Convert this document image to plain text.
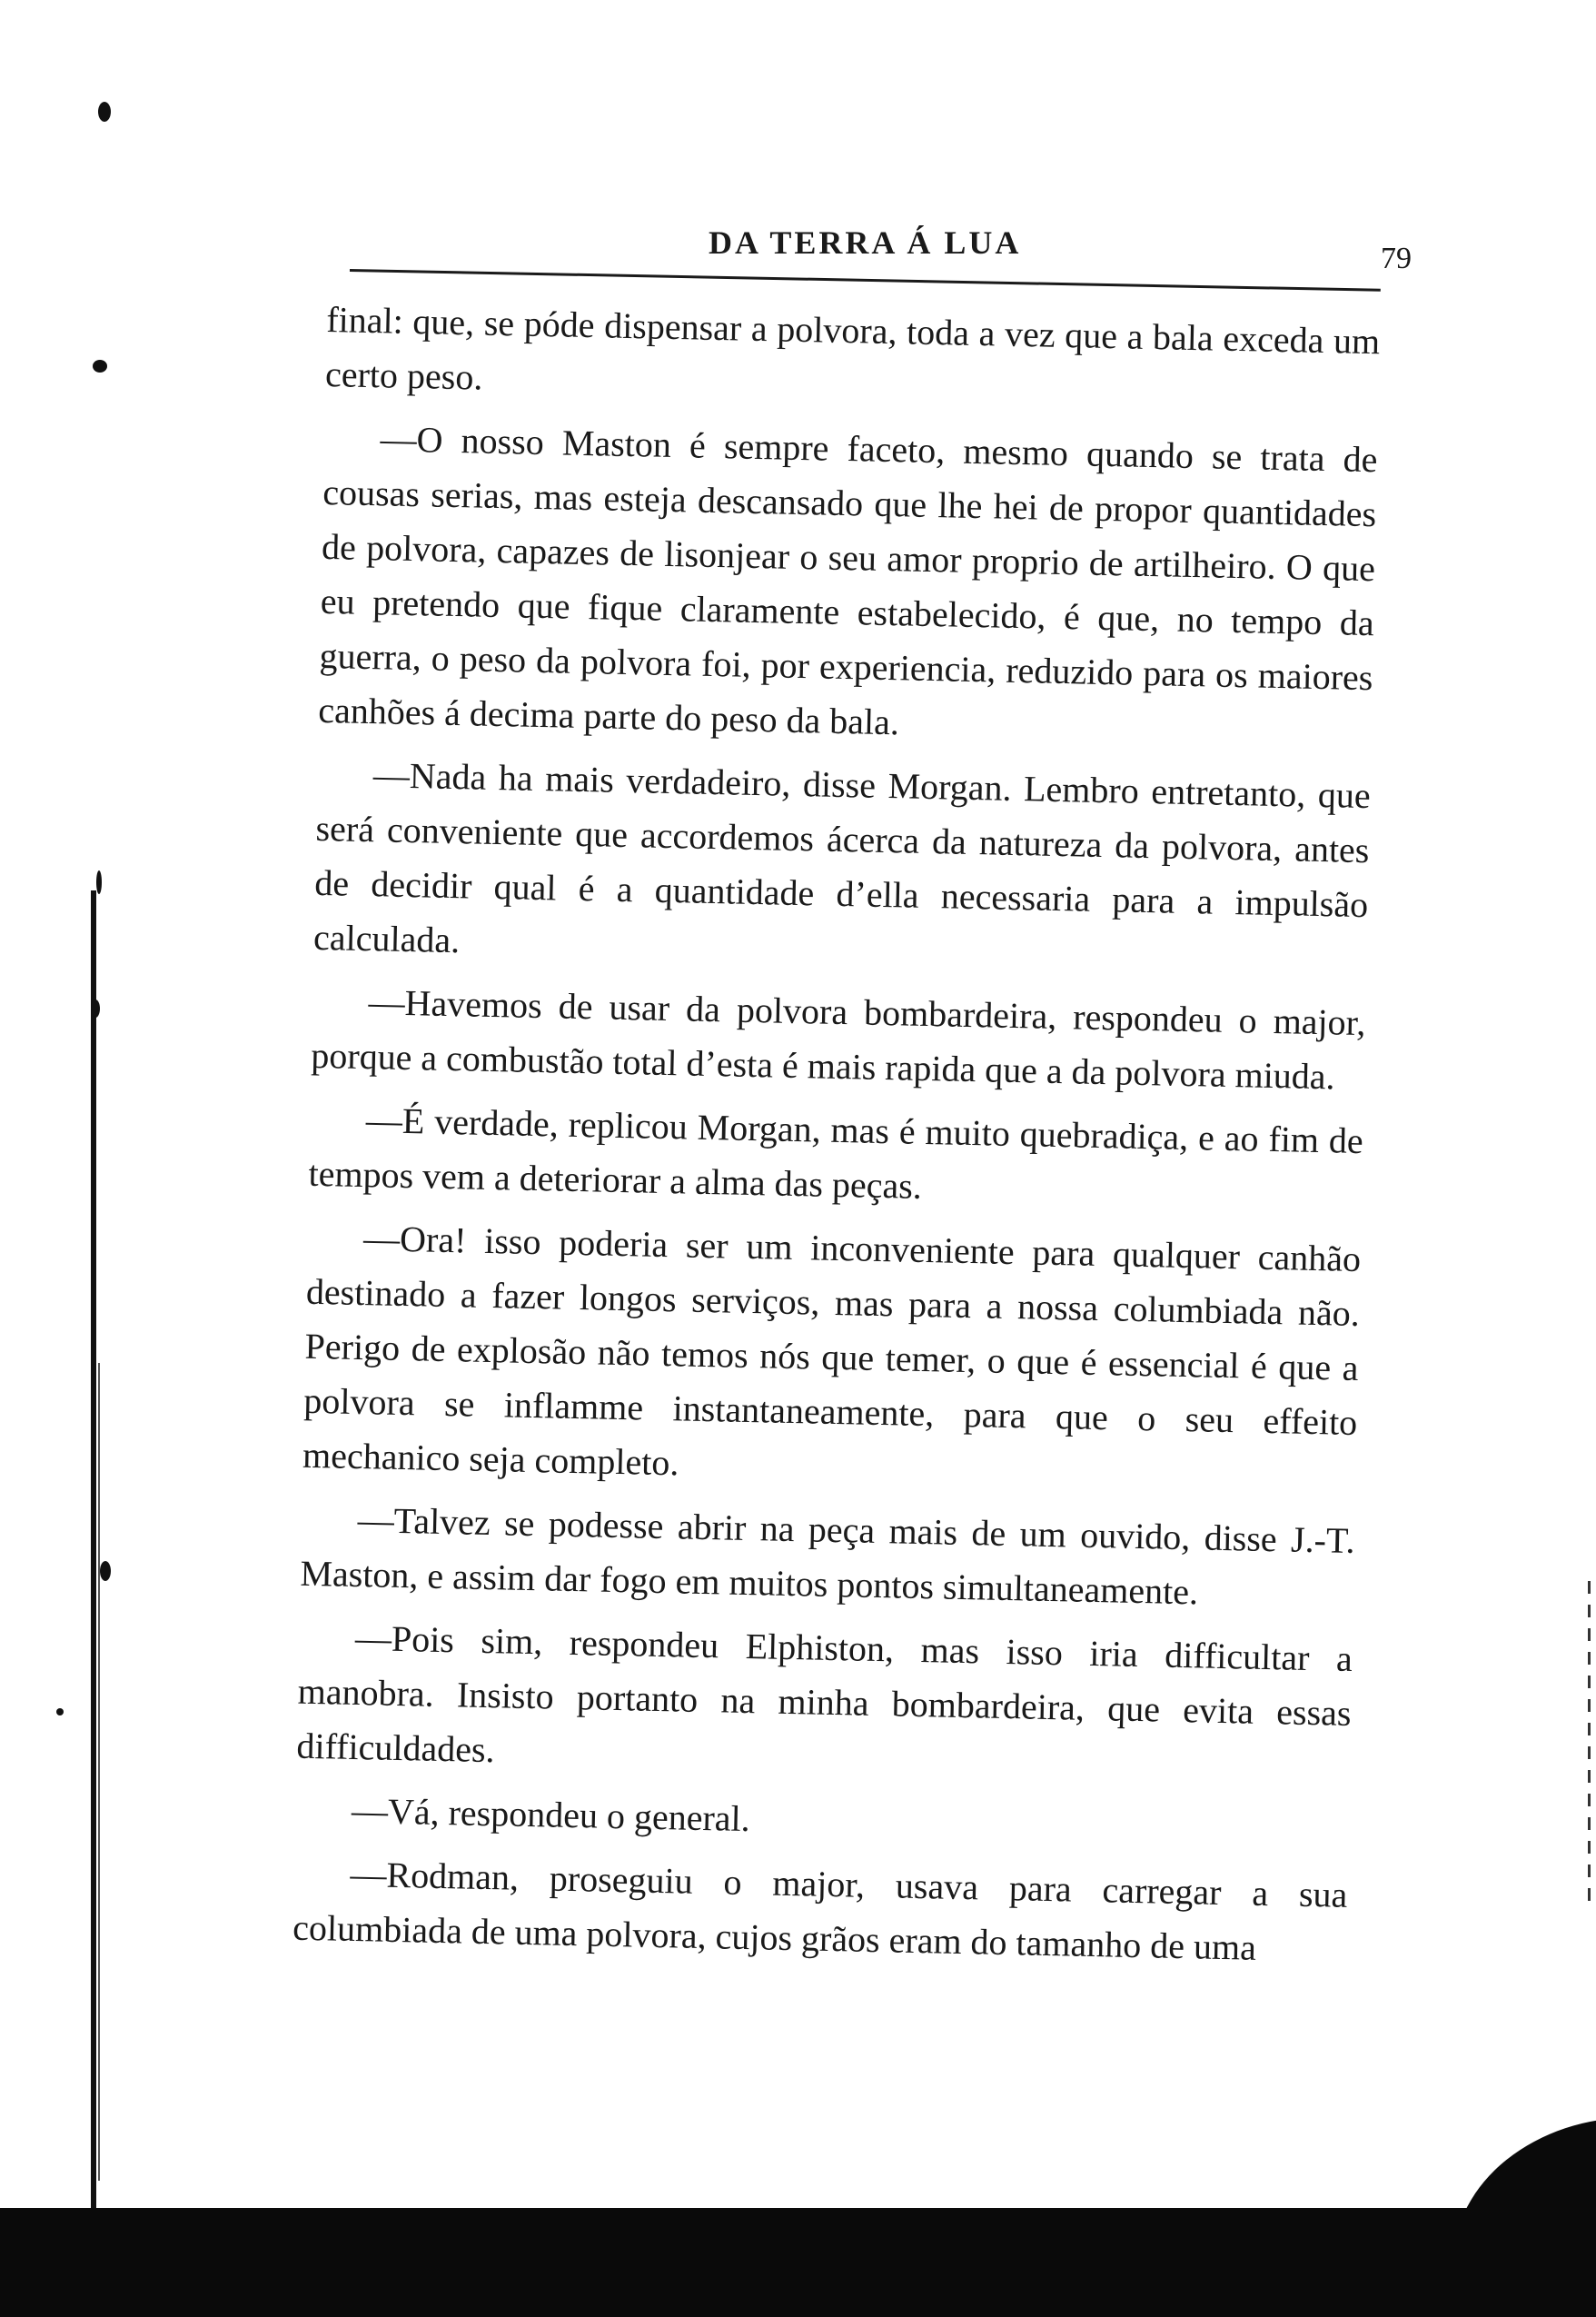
DA TERRA Á LUA	79

final: que, se póde dispensar a polvora, toda a vez que a bala exceda um certo peso.

—O nosso Maston é sempre faceto, mesmo quando se trata de cousas serias, mas esteja descansado que lhe hei de propor quantidades de polvora, capazes de lisonjear o seu amor proprio de artilheiro. O que eu pretendo que fique claramente estabelecido, é que, no tempo da guerra, o peso da polvora foi, por experiencia, reduzido para os maiores canhões á decima parte do peso da bala.

—Nada ha mais verdadeiro, disse Morgan. Lembro entretanto, que será conveniente que accordemos ácerca da natureza da polvora, antes de decidir qual é a quantidade d’ella necessaria para a impulsão calculada.

—Havemos de usar da polvora bombardeira, respondeu o major, porque a combustão total d’esta é mais rapida que a da polvora miuda.

—É verdade, replicou Morgan, mas é muito quebradiça, e ao fim de tempos vem a deteriorar a alma das peças.

—Ora! isso poderia ser um inconveniente para qualquer canhão destinado a fazer longos serviços, mas para a nossa columbiada não. Perigo de explosão não temos nós que temer, o que é essencial é que a polvora se inflamme instantaneamente, para que o seu effeito mechanico seja completo.

—Talvez se podesse abrir na peça mais de um ouvido, disse J.-T. Maston, e assim dar fogo em muitos pontos simultaneamente.

—Pois sim, respondeu Elphiston, mas isso iria difficultar a manobra. Insisto portanto na minha bombardeira, que evita essas difficuldades.

—Vá, respondeu o general.

—Rodman, proseguiu o major, usava para carregar a sua columbiada de uma polvora, cujos grãos eram do tamanho de uma
